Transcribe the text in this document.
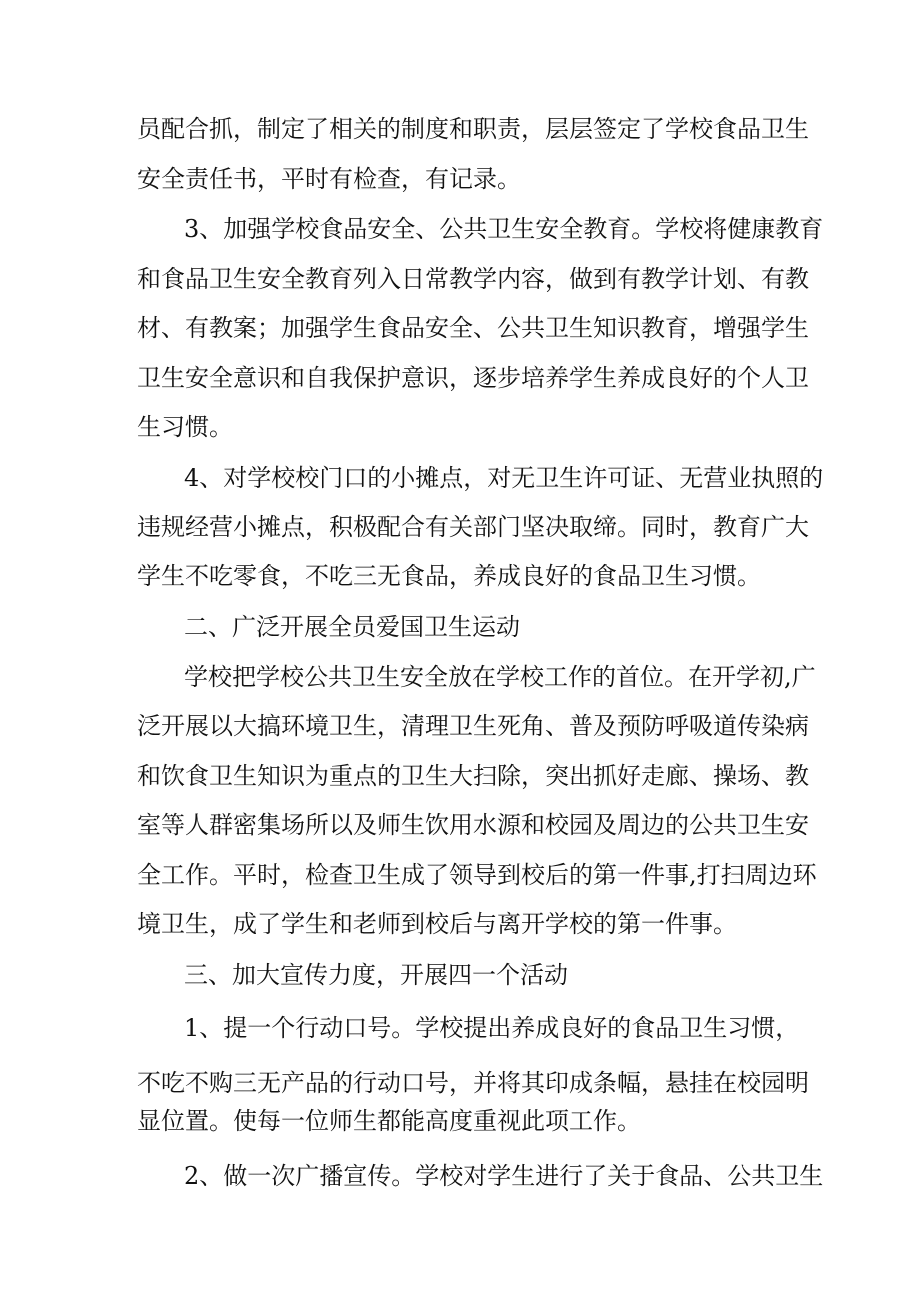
员配合抓，制定了相关的制度和职责，层层签定了学校食品卫生
安全责任书，平时有检查，有记录。
3、加强学校食品安全、公共卫生安全教育。学校将健康教育
和食品卫生安全教育列入日常教学内容，做到有教学计划、有教
材、有教案；加强学生食品安全、公共卫生知识教育，增强学生
卫生安全意识和自我保护意识，逐步培养学生养成良好的个人卫
生习惯。
4、对学校校门口的小摊点，对无卫生许可证、无营业执照的
违规经营小摊点，积极配合有关部门坚决取缔。同时，教育广大
学生不吃零食，不吃三无食品，养成良好的食品卫生习惯。
二、广泛开展全员爱国卫生运动
学校把学校公共卫生安全放在学校工作的首位。在开学初,广
泛开展以大搞环境卫生，清理卫生死角、普及预防呼吸道传染病
和饮食卫生知识为重点的卫生大扫除，突出抓好走廊、操场、教
室等人群密集场所以及师生饮用水源和校园及周边的公共卫生安
全工作。平时，检查卫生成了领导到校后的第一件事,打扫周边环
境卫生，成了学生和老师到校后与离开学校的第一件事。
三、加大宣传力度，开展四一个活动
1、提一个行动口号。学校提出养成良好的食品卫生习惯，
不吃不购三无产品的行动口号，并将其印成条幅，悬挂在校园明
显位置。使每一位师生都能高度重视此项工作。
2、做一次广播宣传。学校对学生进行了关于食品、公共卫生
